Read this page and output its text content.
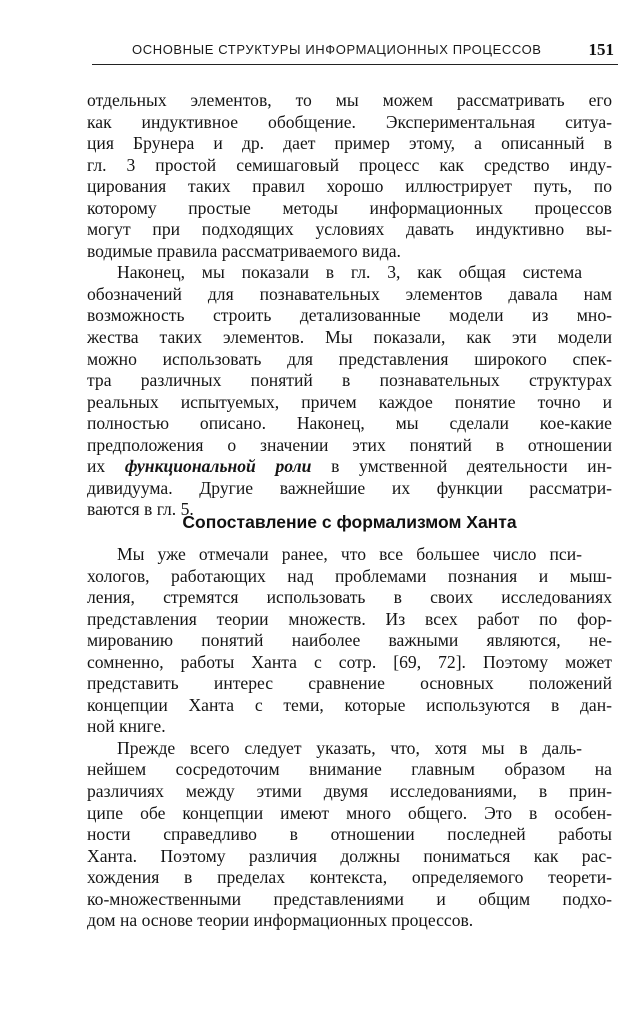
ОСНОВНЫЕ СТРУКТУРЫ ИНФОРМАЦИОННЫХ ПРОЦЕССОВ	151

отдельных элементов, то мы можем рассматривать его
как индуктивное обобщение. Экспериментальная ситуа-
ция Брунера и др. дает пример этому, а описанный в
гл. 3 простой семишаговый процесс как средство инду-
цирования таких правил хорошо иллюстрирует путь, по
которому простые методы информационных процессов
могут при подходящих условиях давать индуктивно вы-
водимые правила рассматриваемого вида.

Наконец, мы показали в гл. 3, как общая система
обозначений для познавательных элементов давала нам
возможность строить детализованные модели из мно-
жества таких элементов. Мы показали, как эти модели
можно использовать для представления широкого спек-
тра различных понятий в познавательных структурах
реальных испытуемых, причем каждое понятие точно и
полностью описано. Наконец, мы сделали кое-какие
предположения о значении этих понятий в отношении
их функциональной роли в умственной деятельности ин-
дивидуума. Другие важнейшие их функции рассматри-
ваются в гл. 5.

Сопоставление с формализмом Ханта

Мы уже отмечали ранее, что все большее число пси-
хологов, работающих над проблемами познания и мыш-
ления, стремятся использовать в своих исследованиях
представления теории множеств. Из всех работ по фор-
мированию понятий наиболее важными являются, не-
сомненно, работы Ханта с сотр. [69, 72]. Поэтому может
представить интерес сравнение основных положений
концепции Ханта с теми, которые используются в дан-
ной книге.

Прежде всего следует указать, что, хотя мы в даль-
нейшем сосредоточим внимание главным образом на
различиях между этими двумя исследованиями, в прин-
ципе обе концепции имеют много общего. Это в особен-
ности справедливо в отношении последней работы
Ханта. Поэтому различия должны пониматься как рас-
хождения в пределах контекста, определяемого теорети-
ко-множественными представлениями и общим подхо-
дом на основе теории информационных процессов.
